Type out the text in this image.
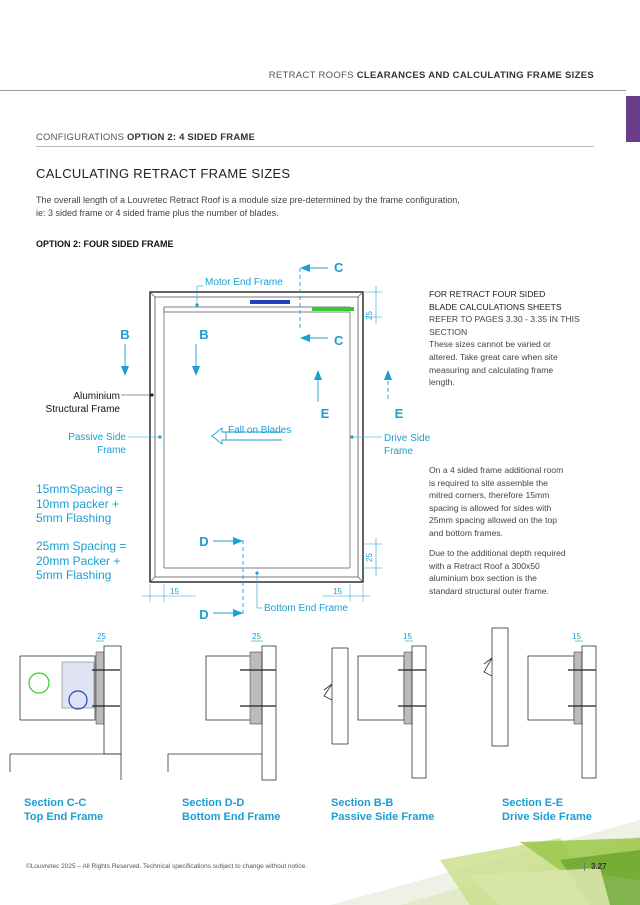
RETRACT ROOFS CLEARANCES AND CALCULATING FRAME SIZES
CONFIGURATIONS OPTION 2: 4 SIDED FRAME
CALCULATING RETRACT FRAME SIZES
The overall length of a Louvretec Retract Roof is a module size pre-determined by the frame configuration,
ie: 3 sided frame or 4 sided frame plus the number of blades.
OPTION 2: FOUR SIDED FRAME
FOR RETRACT FOUR SIDED
BLADE CALCULATIONS SHEETS
REFER TO PAGES 3.30 - 3.35 IN THIS
SECTION
These sizes cannot be varied or
altered. Take great care when site
measuring and calculating frame
length.
On a 4 sided frame additional room
is required to site assemble the
mitred corners, therefore 15mm
spacing is allowed for sides with
25mm spacing allowed on the top
and bottom frames.
Due to the additional depth required
with a Retract Roof a 300x50
aluminium box section is the
standard structural outer frame.
Motor End Frame
Bottom End Frame
Aluminium
Structural Frame
Passive Side
Frame
Drive Side
Frame
Fall on Blades
B	B
C
C
E	E
D
D
25
25
15	15
15mmSpacing =
10mm packer +
5mm Flashing
25mm Spacing =
20mm Packer +
5mm Flashing
25	25	15	15
Section C-C
Top End Frame
Section D-D
Bottom End Frame
Section B-B
Passive Side Frame
Section E-E
Drive Side Frame
©Louvretec 2025 – All Rights Reserved. Technical specifications subject to change without notice.	3.27
